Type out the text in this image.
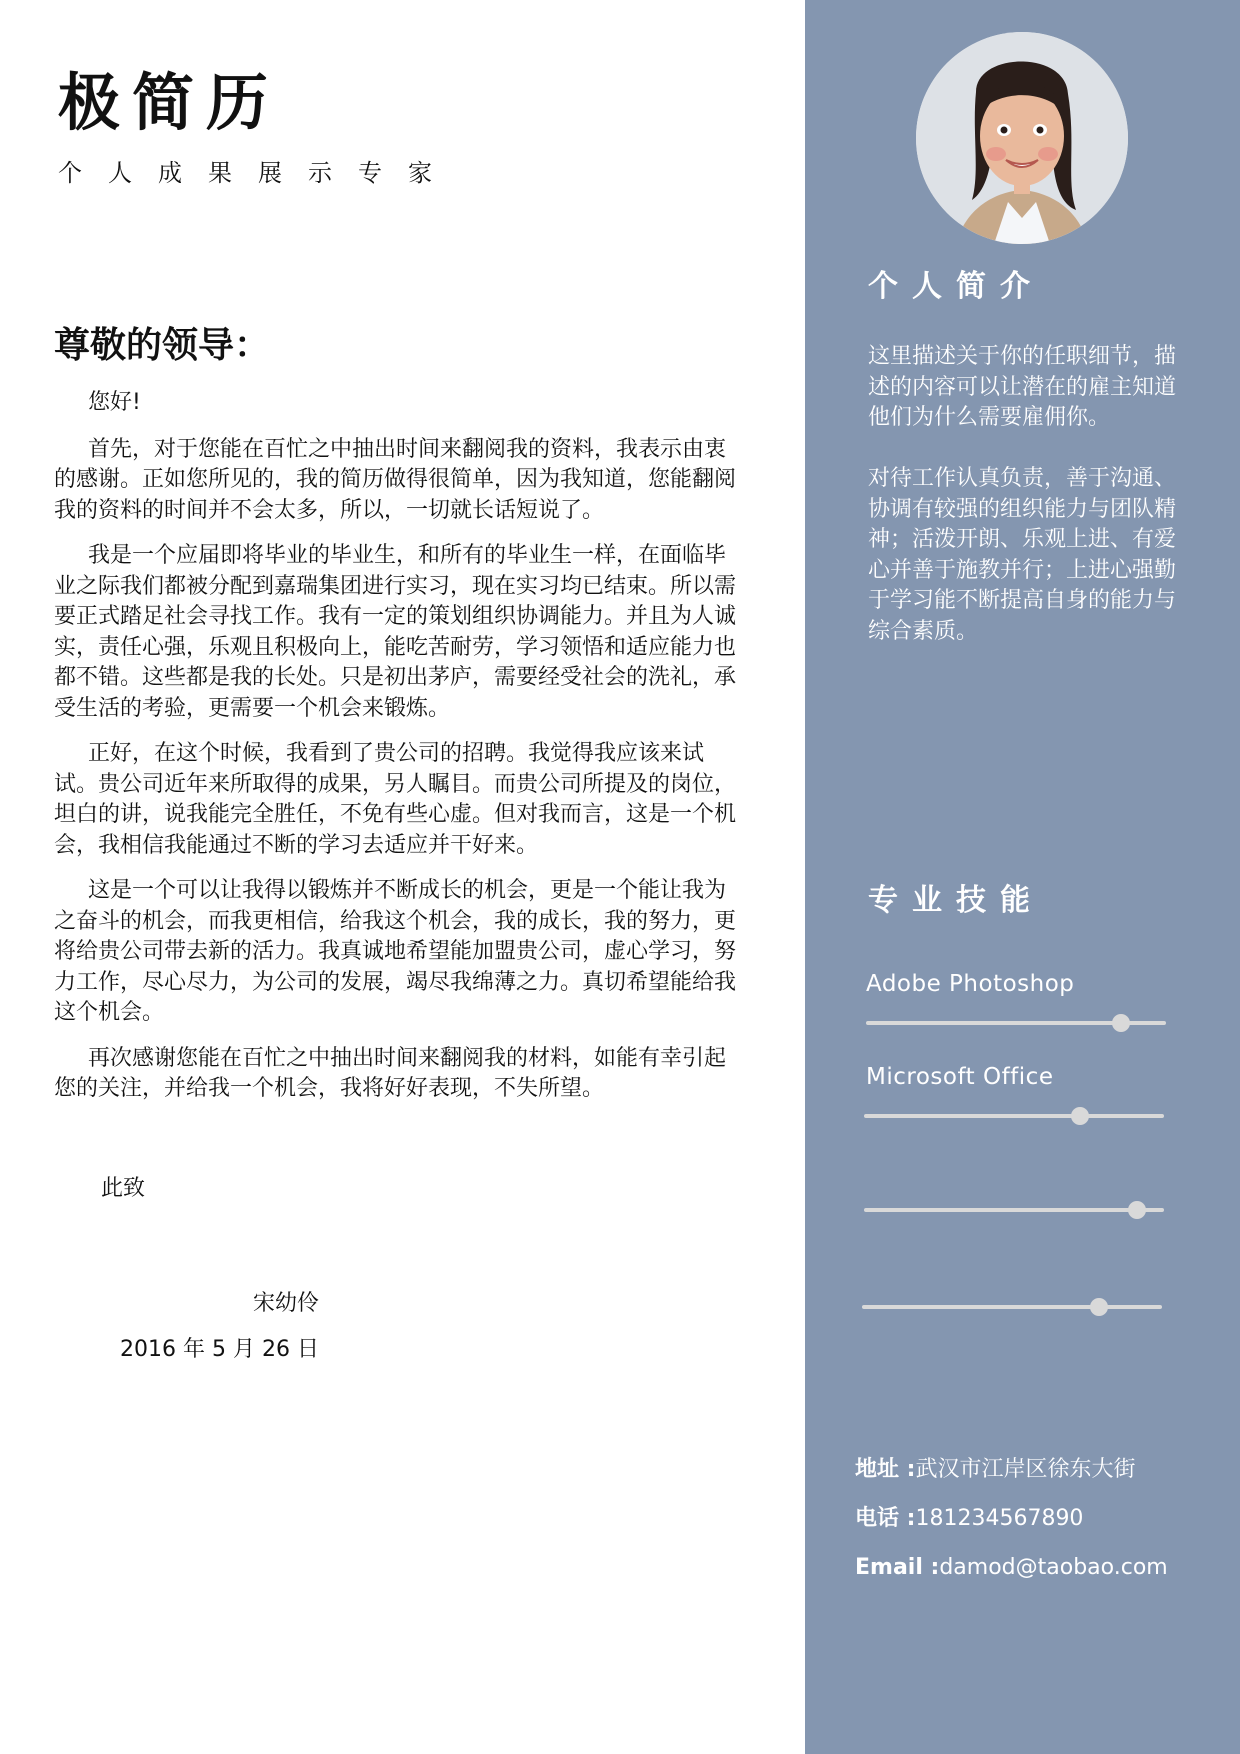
极简历
个人成果展示专家
尊敬的领导：

您好!

首先，对于您能在百忙之中抽出时间来翻阅我的资料，我表示由衷的感谢。正如您所见的，我的简历做得很简单，因为我知道，您能翻阅我的资料的时间并不会太多，所以，一切就长话短说了。

我是一个应届即将毕业的毕业生，和所有的毕业生一样，在面临毕业之际我们都被分配到嘉瑞集团进行实习，现在实习均已结束。所以需要正式踏足社会寻找工作。我有一定的策划组织协调能力。并且为人诚实，责任心强，乐观且积极向上，能吃苦耐劳，学习领悟和适应能力也都不错。这些都是我的长处。只是初出茅庐，需要经受社会的洗礼，承受生活的考验，更需要一个机会来锻炼。

正好，在这个时候，我看到了贵公司的招聘。我觉得我应该来试试。贵公司近年来所取得的成果，另人瞩目。而贵公司所提及的岗位，坦白的讲，说我能完全胜任，不免有些心虚。但对我而言，这是一个机会，我相信我能通过不断的学习去适应并干好来。

这是一个可以让我得以锻炼并不断成长的机会，更是一个能让我为之奋斗的机会，而我更相信，给我这个机会，我的成长，我的努力，更将给贵公司带去新的活力。我真诚地希望能加盟贵公司，虚心学习，努力工作，尽心尽力，为公司的发展，竭尽我绵薄之力。真切希望能给我这个机会。

再次感谢您能在百忙之中抽出时间来翻阅我的材料，如能有幸引起您的关注，并给我一个机会，我将好好表现，不失所望。

此致
宋幼伶
2016 年 5 月 26 日
个人简介

这里描述关于你的任职细节，描述的内容可以让潜在的雇主知道他们为什么需要雇佣你。

对待工作认真负责，善于沟通、协调有较强的组织能力与团队精神；活泼开朗、乐观上进、有爱心并善于施教并行；上进心强勤于学习能不断提高自身的能力与综合素质。

专业技能
Adobe Photoshop
Microsoft Office
地址 :武汉市江岸区徐东大街
电话 :181234567890
Email :damod@taobao.com
